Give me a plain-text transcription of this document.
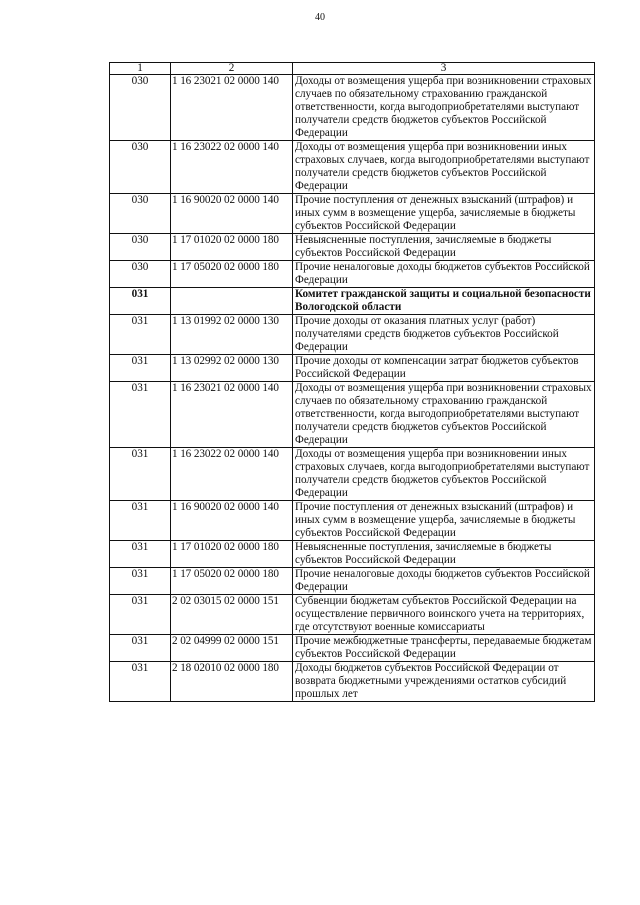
40
1	2	3
030	1 16 23021 02 0000 140	Доходы от возмещения ущерба при возникновении страховых случаев по обязательному страхованию гражданской ответственности, когда выгодоприобретателями выступают получатели средств бюджетов субъектов Российской Федерации
030	1 16 23022 02 0000 140	Доходы от возмещения ущерба при возникновении иных страховых случаев, когда выгодоприобретателями выступают получатели средств бюджетов субъектов Российской Федерации
030	1 16 90020 02 0000 140	Прочие поступления от денежных взысканий (штрафов) и иных сумм в возмещение ущерба, зачисляемые в бюджеты субъектов Российской Федерации
030	1 17 01020 02 0000 180	Невыясненные поступления, зачисляемые в бюджеты субъектов Российской Федерации
030	1 17 05020 02 0000 180	Прочие неналоговые доходы бюджетов субъектов Российской Федерации
031		Комитет гражданской защиты и социальной безопасности Вологодской области
031	1 13 01992 02 0000 130	Прочие доходы от оказания платных услуг (работ) получателями средств бюджетов субъектов Российской Федерации
031	1 13 02992 02 0000 130	Прочие доходы от компенсации затрат бюджетов субъектов Российской Федерации
031	1 16 23021 02 0000 140	Доходы от возмещения ущерба при возникновении страховых случаев по обязательному страхованию гражданской ответственности, когда выгодоприобретателями выступают получатели средств бюджетов субъектов Российской Федерации
031	1 16 23022 02 0000 140	Доходы от возмещения ущерба при возникновении иных страховых случаев, когда выгодоприобретателями выступают получатели средств бюджетов субъектов Российской Федерации
031	1 16 90020 02 0000 140	Прочие поступления от денежных взысканий (штрафов) и иных сумм в возмещение ущерба, зачисляемые в бюджеты субъектов Российской Федерации
031	1 17 01020 02 0000 180	Невыясненные поступления, зачисляемые в бюджеты субъектов Российской Федерации
031	1 17 05020 02 0000 180	Прочие неналоговые доходы бюджетов субъектов Российской Федерации
031	2 02 03015 02 0000 151	Субвенции бюджетам субъектов Российской Федерации на осуществление первичного воинского учета на территориях, где отсутствуют военные комиссариаты
031	2 02 04999 02 0000 151	Прочие межбюджетные трансферты, передаваемые бюджетам субъектов Российской Федерации
031	2 18 02010 02 0000 180	Доходы бюджетов субъектов Российской Федерации от возврата бюджетными учреждениями остатков субсидий прошлых лет
